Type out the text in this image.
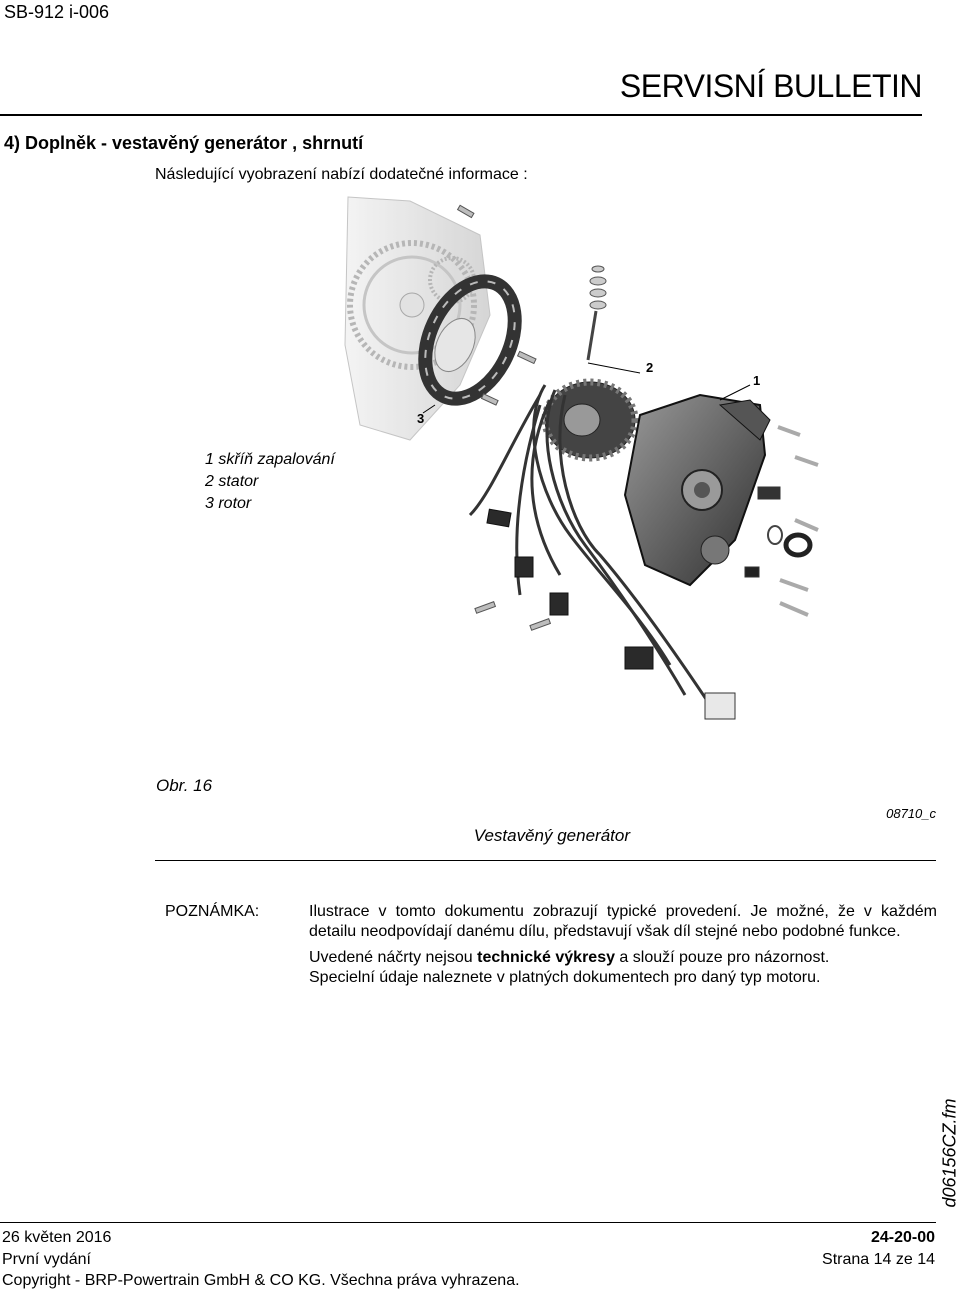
SB-912 i-006
SERVISNÍ BULLETIN
4) Doplněk - vestavěný generátor , shrnutí
Následující vyobrazení nabízí dodatečné informace :
2
1
3
1 skříň zapalování
2 stator
3 rotor
Obr. 16
08710_c
Vestavěný generátor
POZNÁMKA:	Ilustrace v tomto dokumentu zobrazují typické provedení. Je možné, že v každém detailu neodpovídají danému dílu, představují však díl stejné nebo podobné funkce.

Uvedené náčrty nejsou technické výkresy a slouží pouze pro názornost.
Specielní údaje naleznete v platných dokumentech pro daný typ motoru.

d06156CZ.fm
26 květen 2016	24-20-00
První vydání	Strana 14 ze 14
Copyright - BRP-Powertrain GmbH & CO KG. Všechna práva vyhrazena.
